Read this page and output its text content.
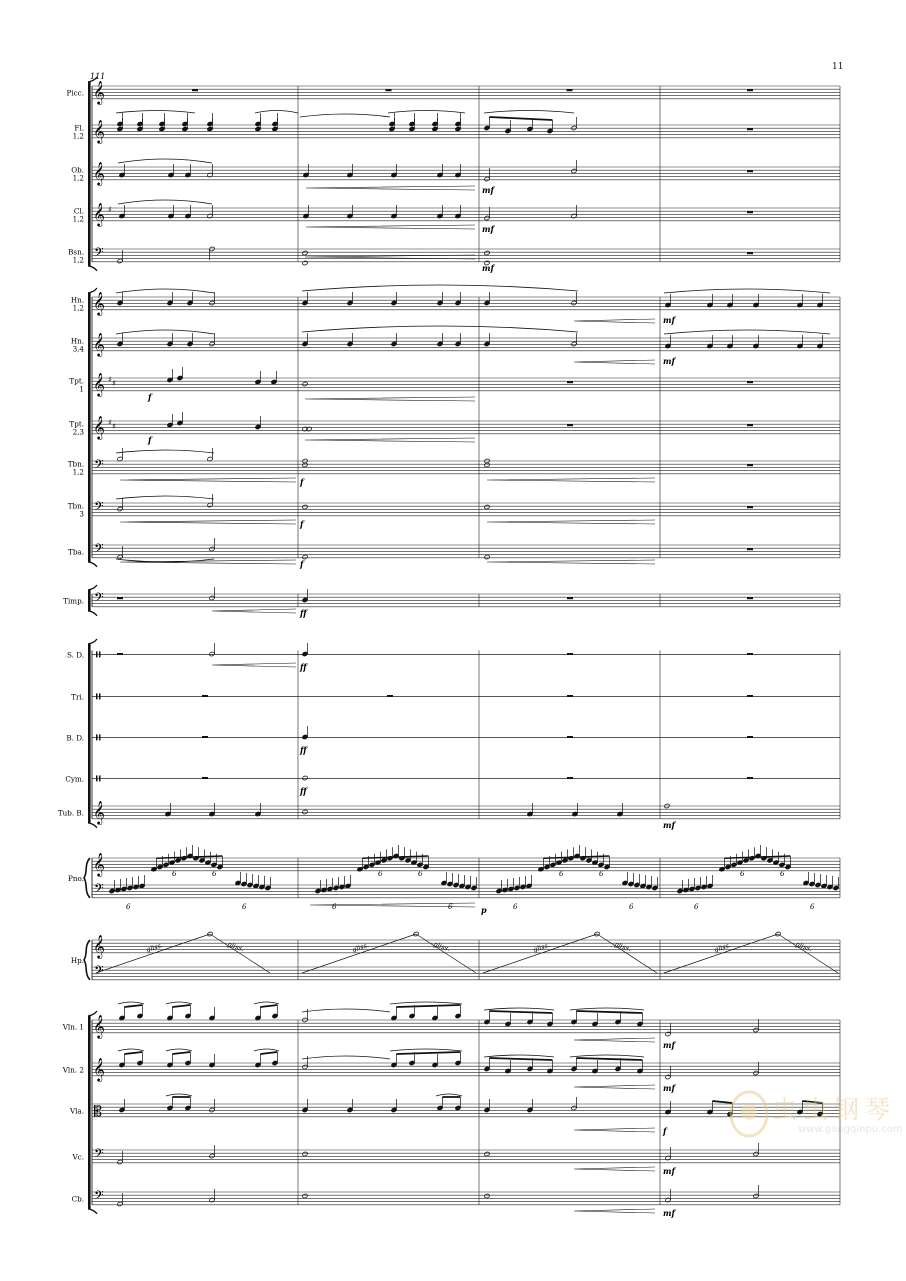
11
Picc.
Fl.
1,2
Ob.
1,2
Cl.
1,2
Bsn.
1,2
Hn.
1,2
Hn.
3,4
Tpt.
1
Tpt.
2,3
Tbn.
1,2
Tbn.
3
Tba.
Timp.
S. D.
Tri.
B. D.
Cym.
Tub. B.
Pno.
Hp.
Vln. 1
Vln. 2
Vla.
Vc.
Cb.
𝄞
𝄞
𝄞
𝄞
𝄞
𝄞
𝄞
𝄞
𝄞
𝄞
𝄞
𝄞
𝄞
𝄢
𝄢
𝄢
𝄢
𝄢
𝄢
𝄢
𝄢
𝄢
𝄡
♯
♯ ♯
♯ ♯
mf
mf
mf
mf
mf
f
f
f
f
f
ff
ff
ff
ff
mf
6	6
6	6
6	6
6	6
6	6
6	6
6	6
6	6
p
gliss.	gliss.	gliss.	gliss.	gliss.	gliss.	gliss.	gliss.
mf
mf
f
mf
mf
111
虫虫钢琴
www.gangqinpu.com
